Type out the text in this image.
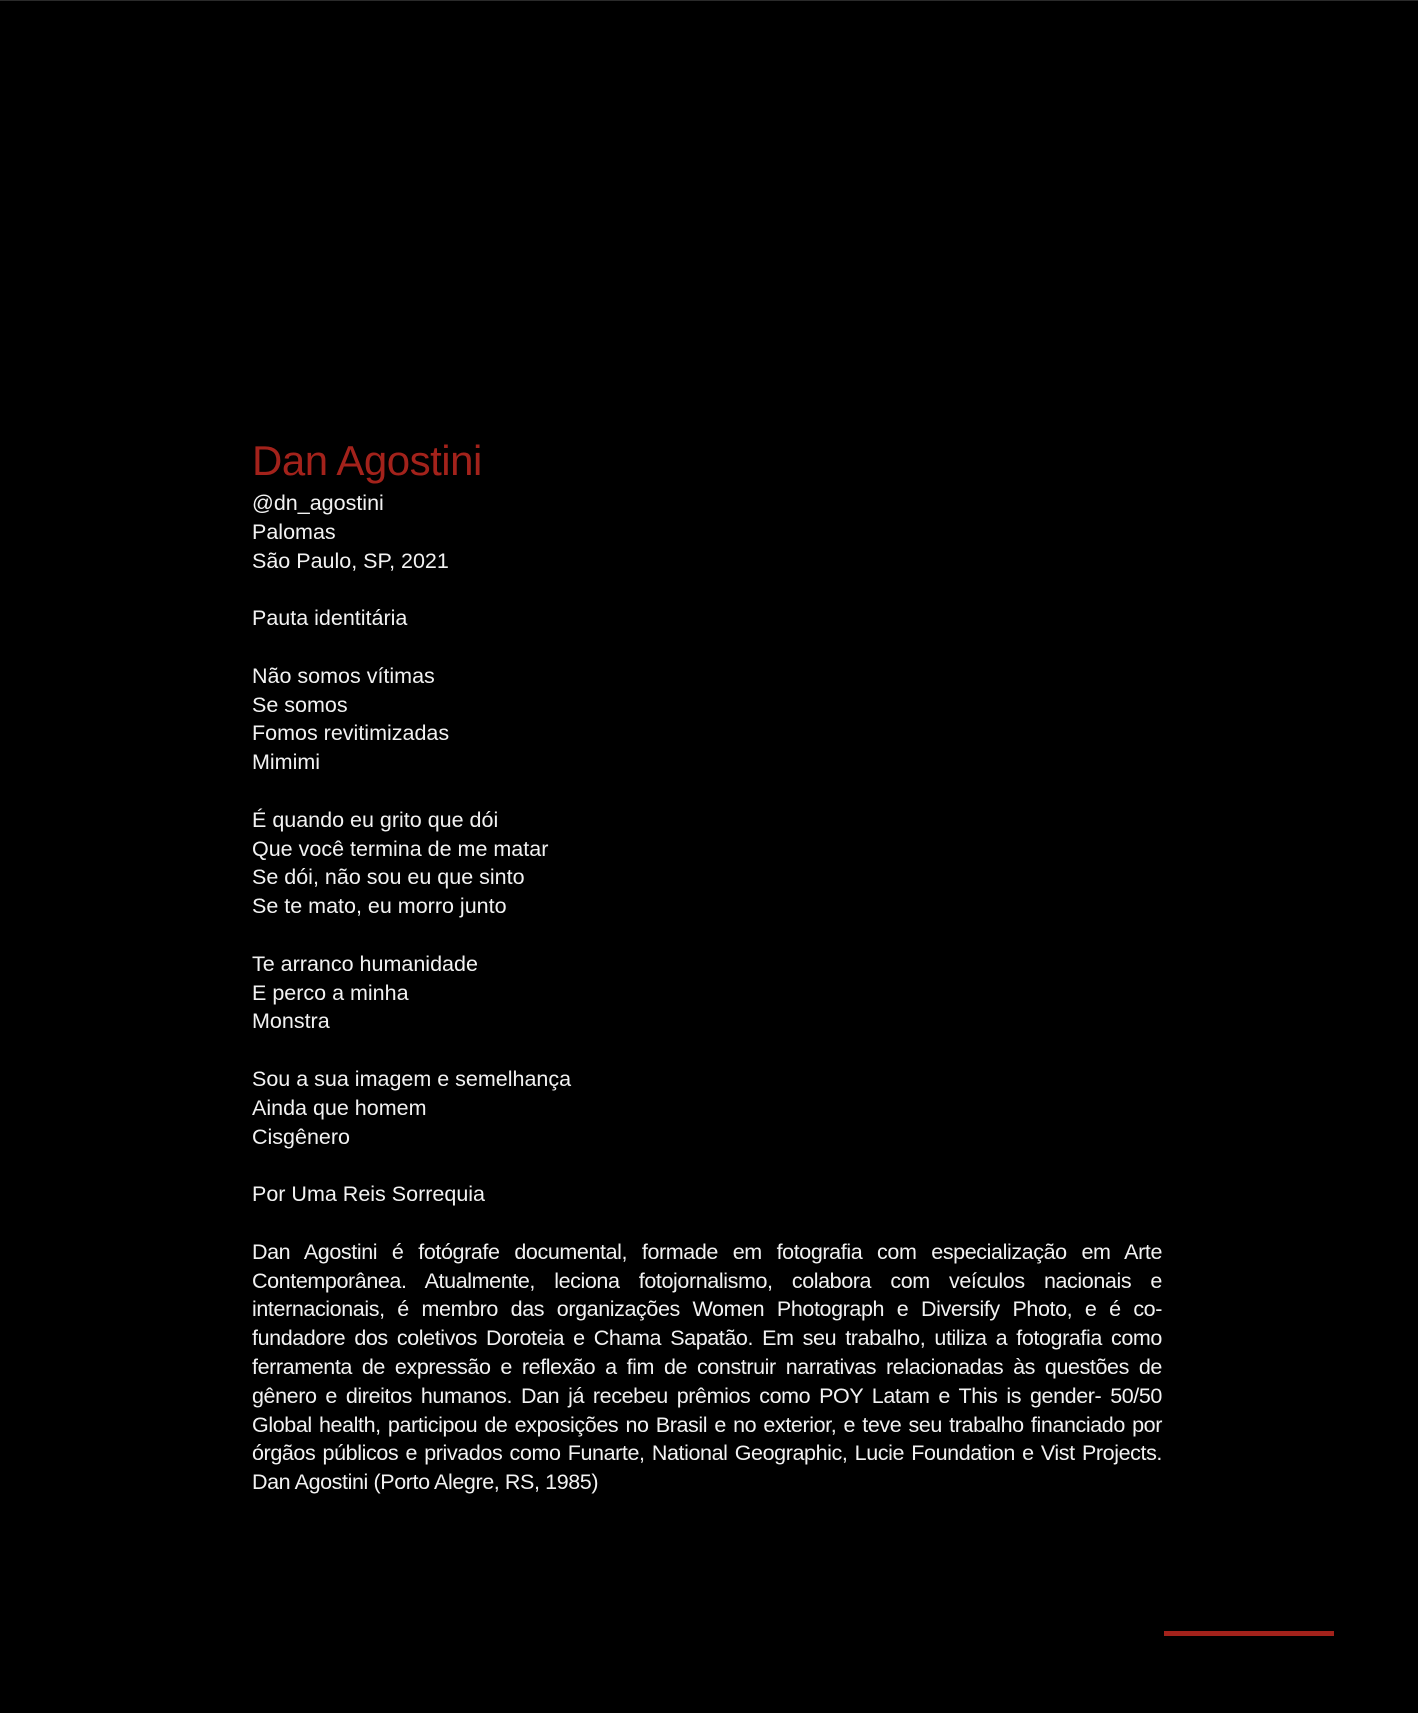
Dan Agostini
@dn_agostini
Palomas
São Paulo, SP, 2021
Pauta identitária
Não somos vítimas
Se somos
Fomos revitimizadas
Mimimi
É quando eu grito que dói
Que você termina de me matar
Se dói, não sou eu que sinto
Se te mato, eu morro junto
Te arranco humanidade
E perco a minha
Monstra
Sou a sua imagem e semelhança
Ainda que homem
Cisgênero
Por Uma Reis Sorrequia

Dan Agostini é fotógrafe documental, formade em fotografia com especialização em Arte Contemporânea. Atualmente, leciona fotojornalismo, colabora com veículos nacionais e internacionais, é membro das organizações Women Photograph e Diversify Photo, e é co-fundadore dos coletivos Doroteia e Chama Sapatão. Em seu trabalho, utiliza a fotografia como ferramenta de expressão e reflexão a fim de construir narrativas relacionadas às questões de gênero e direitos humanos. Dan já recebeu prêmios como POY Latam e This is gender- 50/50 Global health, participou de exposições no Brasil e no exterior, e teve seu trabalho financiado por órgãos públicos e privados como Funarte, National Geographic, Lucie Foundation e Vist Projects. Dan Agostini (Porto Alegre, RS, 1985)
